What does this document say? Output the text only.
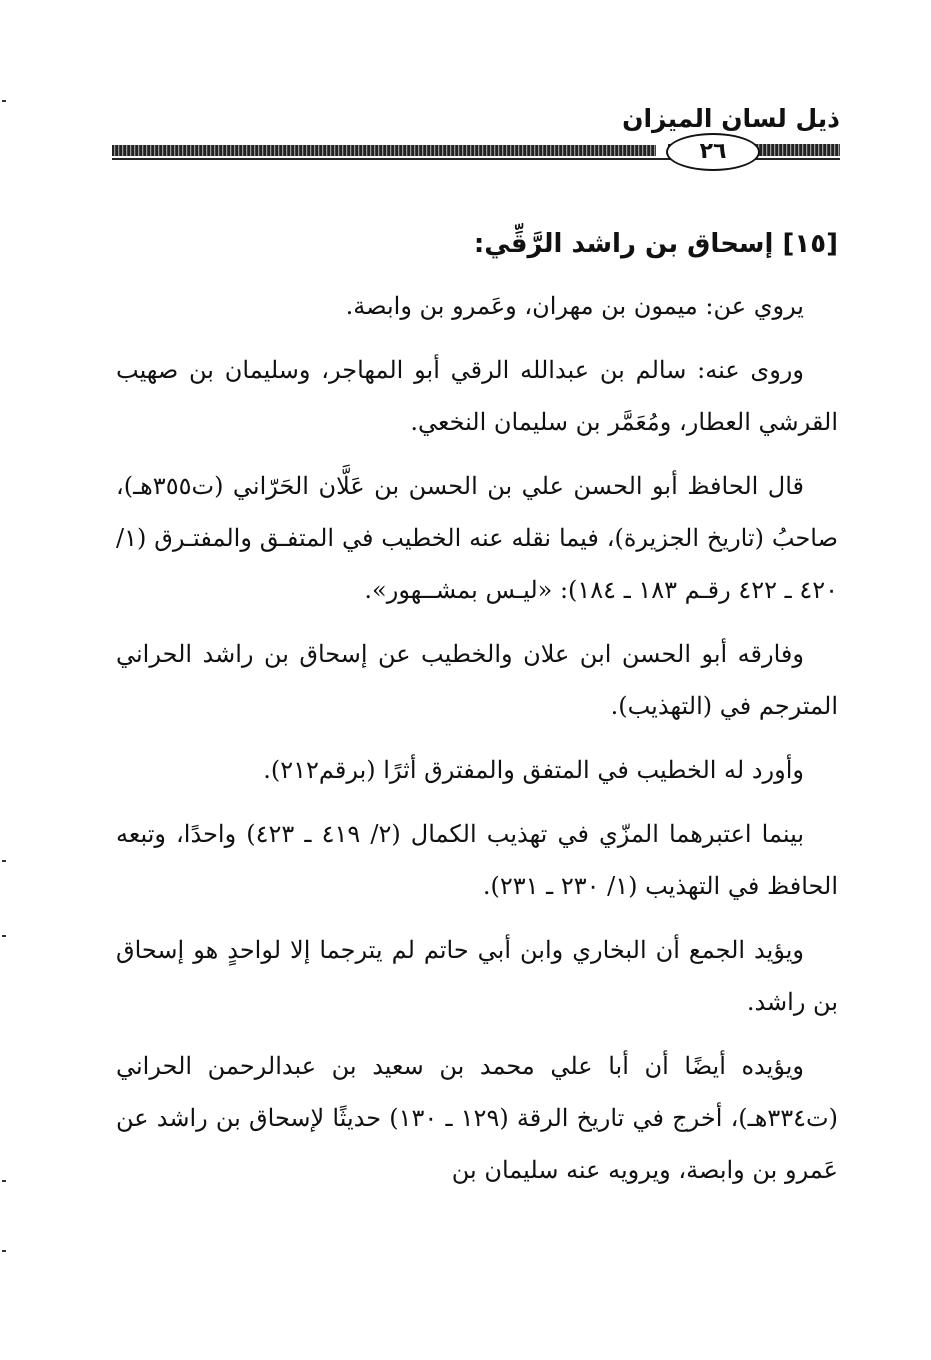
ذيل لسان الميزان
٢٦
[١٥] إسحاق بن راشد الرَّقِّي:

يروي عن: ميمون بن مهران، وعَمرو بن وابصة.

وروى عنه: سالم بن عبدالله الرقي أبو المهاجر، وسليمان بن صهيب القرشي العطار، ومُعَمَّر بن سليمان النخعي.

قال الحافظ أبو الحسن علي بن الحسن بن عَلَّان الحَرّاني (ت٣٥٥هـ)، صاحبُ (تاريخ الجزيرة)، فيما نقله عنه الخطيب في المتفـق والمفتـرق (١/ ٤٢٠ ـ ٤٢٢ رقـم ١٨٣ ـ ١٨٤): «ليـس بمشــهور».

وفارقه أبو الحسن ابن علان والخطيب عن إسحاق بن راشد الحراني المترجم في (التهذيب).

وأورد له الخطيب في المتفق والمفترق أثرًا (برقم٢١٢).

بينما اعتبرهما المزّي في تهذيب الكمال (٢/ ٤١٩ ـ ٤٢٣) واحدًا، وتبعه الحافظ في التهذيب (١/ ٢٣٠ ـ ٢٣١).

ويؤيد الجمع أن البخاري وابن أبي حاتم لم يترجما إلا لواحدٍ هو إسحاق بن راشد.

ويؤيده أيضًا أن أبا علي محمد بن سعيد بن عبدالرحمن الحراني (ت٣٣٤هـ)، أخرج في تاريخ الرقة (١٢٩ ـ ١٣٠) حديثًا لإسحاق بن راشد عن عَمرو بن وابصة، ويرويه عنه سليمان بن
